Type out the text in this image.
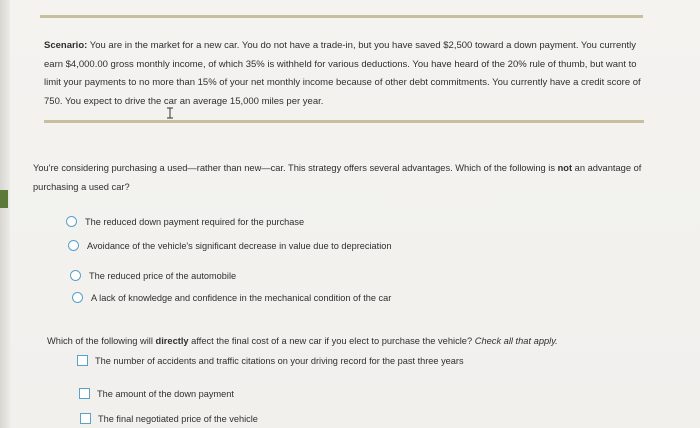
Scenario: You are in the market for a new car. You do not have a trade-in, but you have saved $2,500 toward a down payment. You currently earn $4,000.00 gross monthly income, of which 35% is withheld for various deductions. You have heard of the 20% rule of thumb, but want to limit your payments to no more than 15% of your net monthly income because of other debt commitments. You currently have a credit score of 750. You expect to drive the car an average 15,000 miles per year.
You're considering purchasing a used—rather than new—car. This strategy offers several advantages. Which of the following is not an advantage of purchasing a used car?
The reduced down payment required for the purchase
Avoidance of the vehicle's significant decrease in value due to depreciation
The reduced price of the automobile
A lack of knowledge and confidence in the mechanical condition of the car
Which of the following will directly affect the final cost of a new car if you elect to purchase the vehicle? Check all that apply.
The number of accidents and traffic citations on your driving record for the past three years
The amount of the down payment
The final negotiated price of the vehicle
